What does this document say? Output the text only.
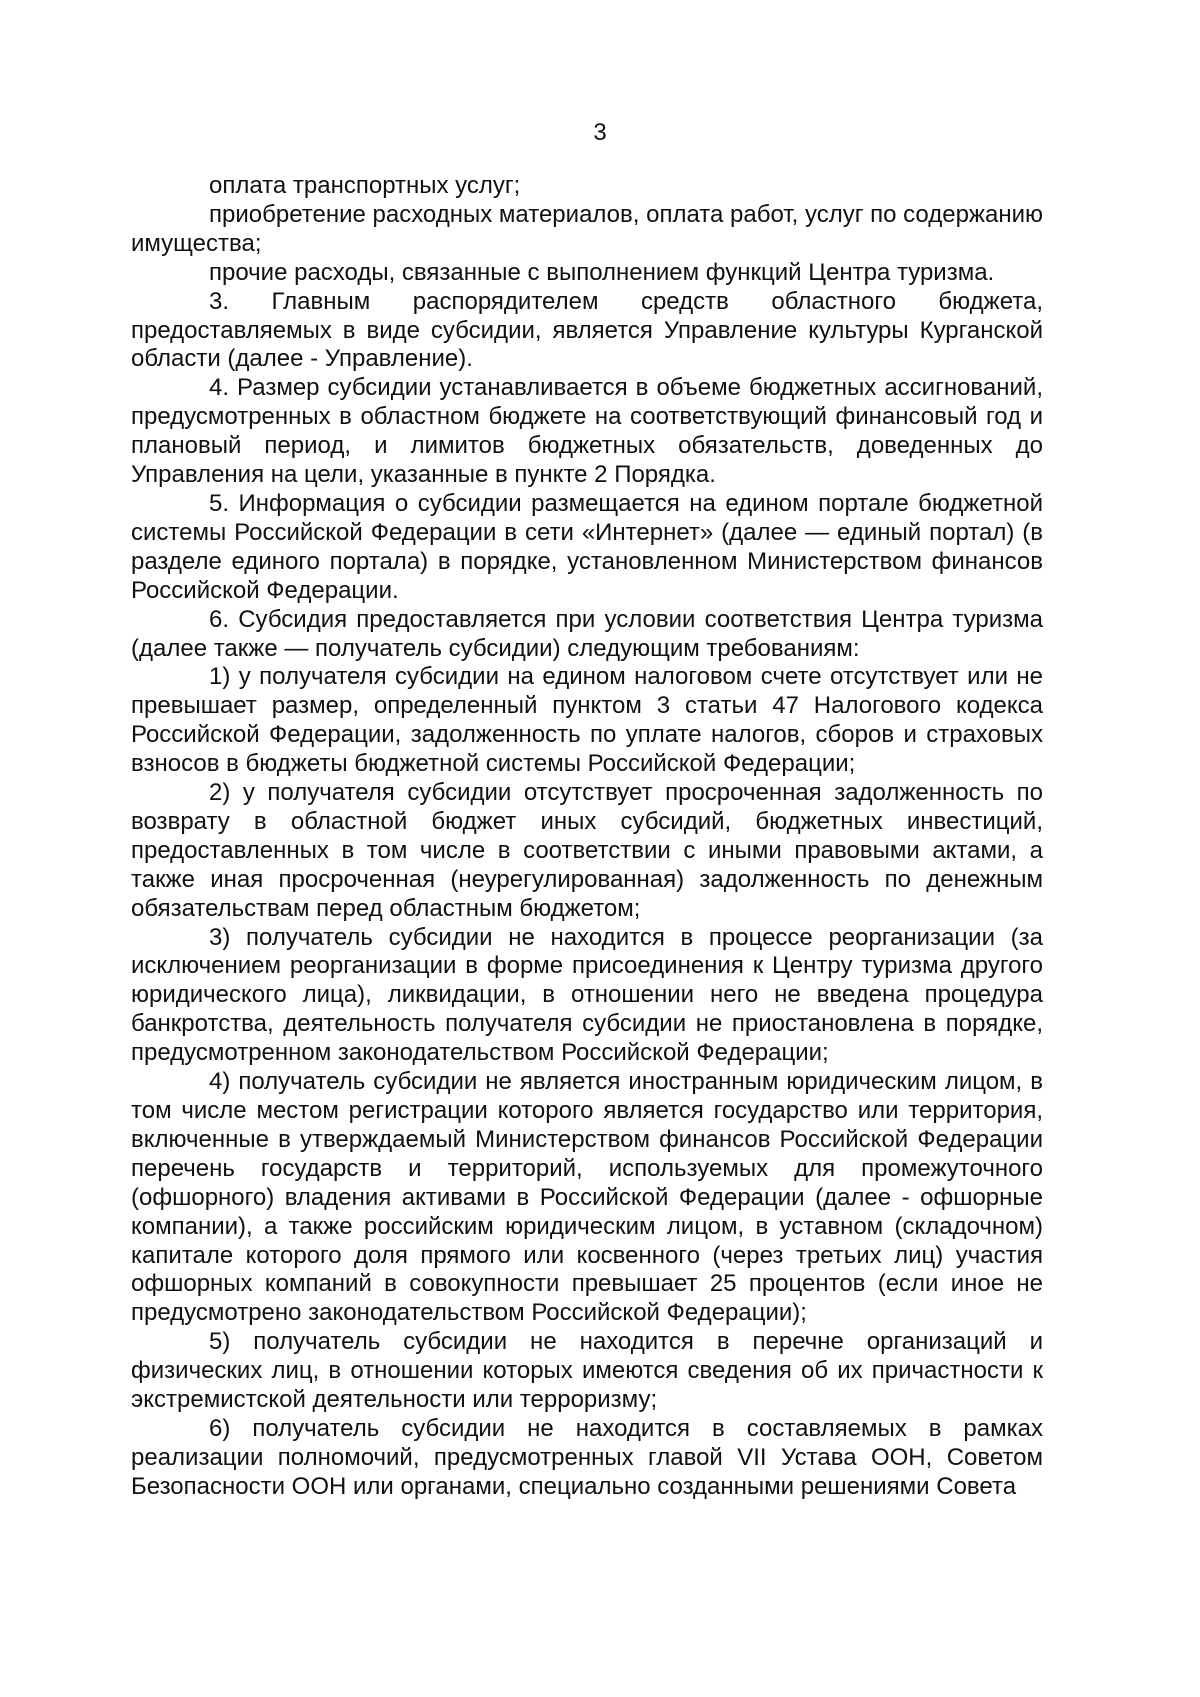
3

оплата транспортных услуг;

приобретение расходных материалов, оплата работ, услуг по содержанию имущества;

прочие расходы, связанные с выполнением функций Центра туризма.

3. Главным распорядителем средств областного бюджета, предоставляемых в виде субсидии, является Управление культуры Курганской области (далее - Управление).

4. Размер субсидии устанавливается в объеме бюджетных ассигнований, предусмотренных в областном бюджете на соответствующий финансовый год и плановый период, и лимитов бюджетных обязательств, доведенных до Управления на цели, указанные в пункте 2 Порядка.

5. Информация о субсидии размещается на едином портале бюджетной системы Российской Федерации в сети «Интернет» (далее — единый портал) (в разделе единого портала) в порядке, установленном Министерством финансов Российской Федерации.

6. Субсидия предоставляется при условии соответствия Центра туризма (далее также — получатель субсидии) следующим требованиям:

1) у получателя субсидии на едином налоговом счете отсутствует или не превышает размер, определенный пунктом 3 статьи 47 Налогового кодекса Российской Федерации, задолженность по уплате налогов, сборов и страховых взносов в бюджеты бюджетной системы Российской Федерации;

2) у получателя субсидии отсутствует просроченная задолженность по возврату в областной бюджет иных субсидий, бюджетных инвестиций, предоставленных в том числе в соответствии с иными правовыми актами, а также иная просроченная (неурегулированная) задолженность по денежным обязательствам перед областным бюджетом;

3) получатель субсидии не находится в процессе реорганизации (за исключением реорганизации в форме присоединения к Центру туризма другого юридического лица), ликвидации, в отношении него не введена процедура банкротства, деятельность получателя субсидии не приостановлена в порядке, предусмотренном законодательством Российской Федерации;

4) получатель субсидии не является иностранным юридическим лицом, в том числе местом регистрации которого является государство или территория, включенные в утверждаемый Министерством финансов Российской Федерации перечень государств и территорий, используемых для промежуточного (офшорного) владения активами в Российской Федерации (далее - офшорные компании), а также российским юридическим лицом, в уставном (складочном) капитале которого доля прямого или косвенного (через третьих лиц) участия офшорных компаний в совокупности превышает 25 процентов (если иное не предусмотрено законодательством Российской Федерации);

5) получатель субсидии не находится в перечне организаций и физических лиц, в отношении которых имеются сведения об их причастности к экстремистской деятельности или терроризму;

6) получатель субсидии не находится в составляемых в рамках реализации полномочий, предусмотренных главой VII Устава ООН, Советом Безопасности ООН или органами, специально созданными решениями Совета
